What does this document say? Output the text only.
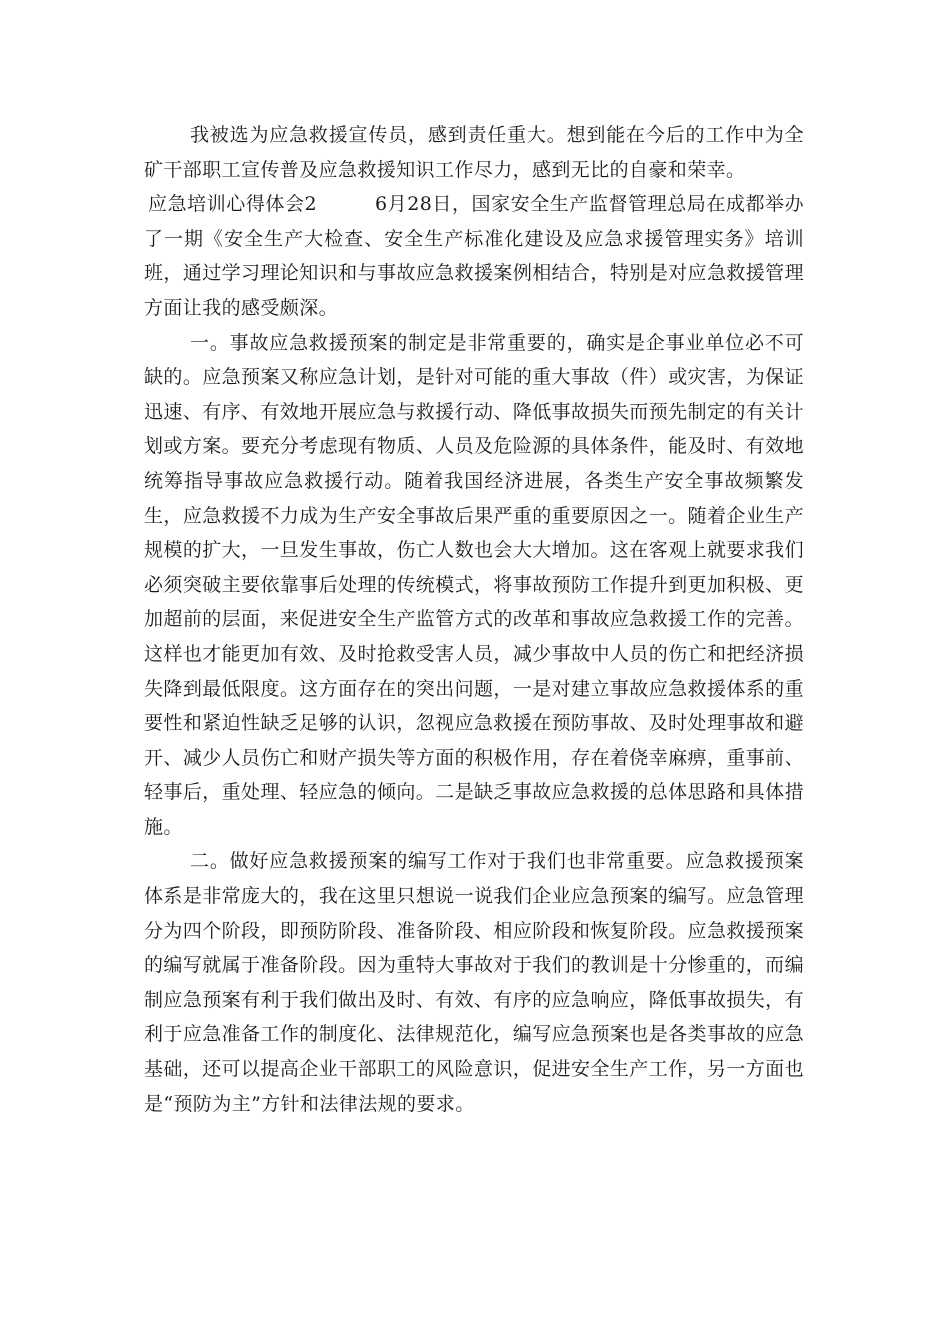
我被选为应急救援宣传员，感到责任重大。想到能在今后的工作中为全矿干部职工宣传普及应急救援知识工作尽力，感到无比的自豪和荣幸。

应急培训心得体会2	6月28日，国家安全生产监督管理总局在成都举办了一期《安全生产大检查、安全生产标准化建设及应急求援管理实务》培训班，通过学习理论知识和与事故应急救援案例相结合，特别是对应急救援管理方面让我的感受颇深。

一。事故应急救援预案的制定是非常重要的，确实是企事业单位必不可缺的。应急预案又称应急计划，是针对可能的重大事故（件）或灾害，为保证迅速、有序、有效地开展应急与救援行动、降低事故损失而预先制定的有关计划或方案。要充分考虑现有物质、人员及危险源的具体条件，能及时、有效地统筹指导事故应急救援行动。随着我国经济进展，各类生产安全事故频繁发生，应急救援不力成为生产安全事故后果严重的重要原因之一。随着企业生产规模的扩大，一旦发生事故，伤亡人数也会大大增加。这在客观上就要求我们必须突破主要依靠事后处理的传统模式，将事故预防工作提升到更加积极、更加超前的层面，来促进安全生产监管方式的改革和事故应急救援工作的完善。这样也才能更加有效、及时抢救受害人员，减少事故中人员的伤亡和把经济损失降到最低限度。这方面存在的突出问题，一是对建立事故应急救援体系的重要性和紧迫性缺乏足够的认识，忽视应急救援在预防事故、及时处理事故和避开、减少人员伤亡和财产损失等方面的积极作用，存在着侥幸麻痹，重事前、轻事后，重处理、轻应急的倾向。二是缺乏事故应急救援的总体思路和具体措施。

二。做好应急救援预案的编写工作对于我们也非常重要。应急救援预案体系是非常庞大的，我在这里只想说一说我们企业应急预案的编写。应急管理分为四个阶段，即预防阶段、准备阶段、相应阶段和恢复阶段。应急救援预案的编写就属于准备阶段。因为重特大事故对于我们的教训是十分惨重的，而编制应急预案有利于我们做出及时、有效、有序的应急响应，降低事故损失，有利于应急准备工作的制度化、法律规范化，编写应急预案也是各类事故的应急基础，还可以提高企业干部职工的风险意识，促进安全生产工作，另一方面也是“预防为主”方针和法律法规的要求。
